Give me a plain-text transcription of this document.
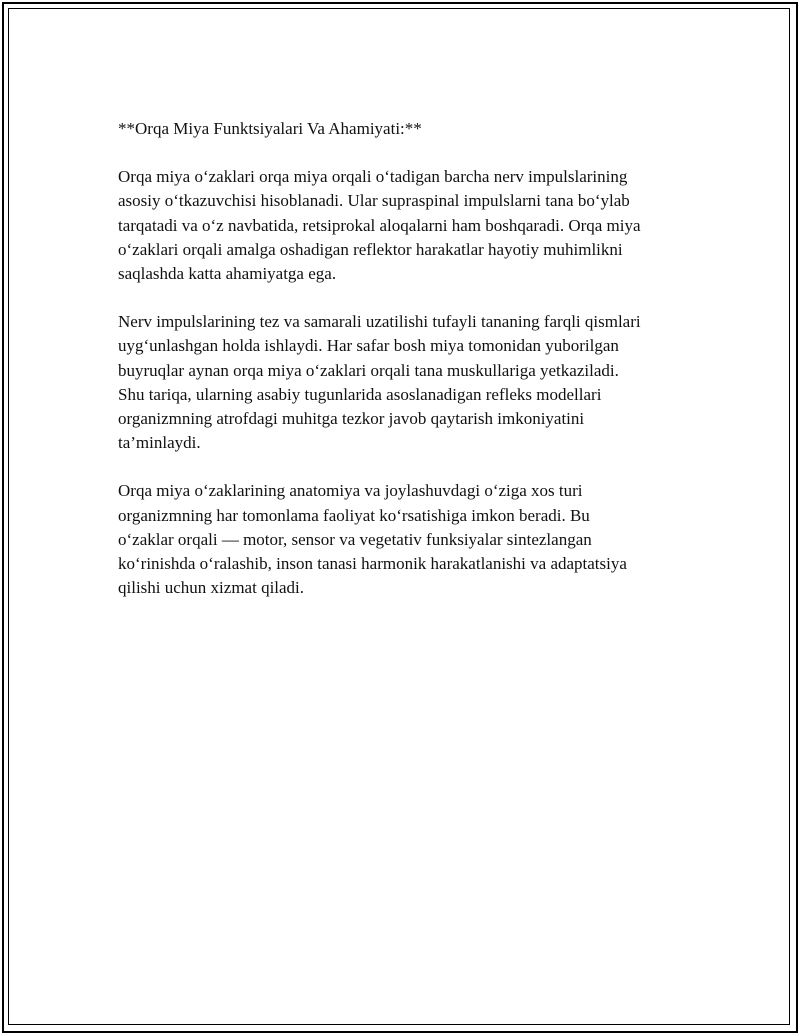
**Orqa Miya Funktsiyalari Va Ahamiyati:**
Orqa miya o‘zaklari orqa miya orqali o‘tadigan barcha nerv impulslarining
asosiy o‘tkazuvchisi hisoblanadi. Ular supraspinal impulslarni tana bo‘ylab
tarqatadi va o‘z navbatida, retsiprokal aloqalarni ham boshqaradi. Orqa miya
o‘zaklari orqali amalga oshadigan reflektor harakatlar hayotiy muhimlikni
saqlashda katta ahamiyatga ega.
Nerv impulslarining tez va samarali uzatilishi tufayli tananing farqli qismlari
uyg‘unlashgan holda ishlaydi. Har safar bosh miya tomonidan yuborilgan
buyruqlar aynan orqa miya o‘zaklari orqali tana muskullariga yetkaziladi.
Shu tariqa, ularning asabiy tugunlarida asoslanadigan refleks modellari
organizmning atrofdagi muhitga tezkor javob qaytarish imkoniyatini
ta’minlaydi.
Orqa miya o‘zaklarining anatomiya va joylashuvdagi o‘ziga xos turi
organizmning har tomonlama faoliyat ko‘rsatishiga imkon beradi. Bu
o‘zaklar orqali — motor, sensor va vegetativ funksiyalar sintezlangan
ko‘rinishda o‘ralashib, inson tanasi harmonik harakatlanishi va adaptatsiya
qilishi uchun xizmat qiladi.
